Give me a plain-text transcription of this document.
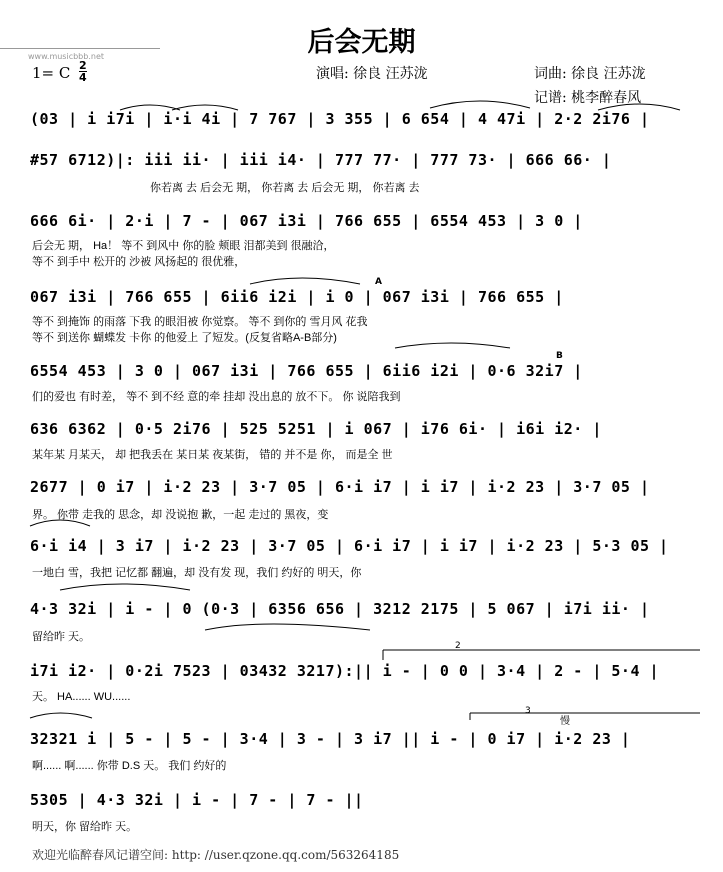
后会无期
www.musicbbb.net
1= C $\frac{2}{4}$	演唱: 徐良 汪苏泷	词曲: 徐良 汪苏泷
记谱: 桃李醉春风
(03 | i i7i | i·i 4i | 7 767 | 3 355 | 6 654 | 4 47i | 2·2 2i76 |
#57 6712)|: iii ii· | iii i4· | 777 77· | 777 73· | 666 66· |
你若离 去 后会无 期， 你若离 去 后会无 期， 你若离 去
666 6i· | 2·i | 7 - | 067 i3i | 766 655 | 6554 453 | 3 0 |
后会无 期， Ha！ 等不 到风中 你的脸 颊眼 泪都美到 很融洽，
等不 到手中 松开的 沙被 风扬起的 很优雅，
067 i3i | 766 655 | 6ii6 i2i | i 0 | 067 i3i | 766 655 |
等不 到掩饰 的雨落 下我 的眼泪被 你觉察。 等不 到你的 雪月风 花我
等不 到送你 蝴蝶发 卡你 的他爱上 了短发。(反复省略A-B部分)
6554 453 | 3 0 | 067 i3i | 766 655 | 6ii6 i2i | 0·6 32i7 |
们的爱也 有时差， 等不 到不经 意的牵 挂却 没出息的 放不下。 你 说陪我到
636 6362 | 0·5 2i76 | 525 5251 | i 067 | i76 6i· | i6i i2· |
某年某 月某天， 却 把我丢在 某日某 夜某街， 错的 并不是 你， 而是全 世
2677 | 0 i7 | i·2 23 | 3·7 05 | 6·i i7 | i i7 | i·2 23 | 3·7 05 |
界。 你带 走我的 思念，却 没说抱 歉，一起 走过的 黑夜，变
6·i i4 | 3 i7 | i·2 23 | 3·7 05 | 6·i i7 | i i7 | i·2 23 | 5·3 05 |
一地白 雪，我把 记忆都 翻遍，却 没有发 现，我们 约好的 明天，你
4·3 32i | i - | 0 (0·3 | 6356 656 | 3212 2175 | 5 067 | i7i ii· |
留给昨 天。
i7i i2· | 0·2i 7523 | 03432 3217):|| i - | 0 0 | 3·4 | 2 - | 5·4 |
天。 HA...... WU......
32321 i | 5 - | 5 - | 3·4 | 3 - | 3 i7 || i - | 0 i7 | i·2 23 |
啊...... 啊...... 你带 D.S 天。 我们 约好的
5305 | 4·3 32i | i - | 7 - | 7 - ||
明天，你 留给昨 天。
A
B
慢
2
3
欢迎光临醉春风记谱空间: http: //user.qzone.qq.com/563264185
